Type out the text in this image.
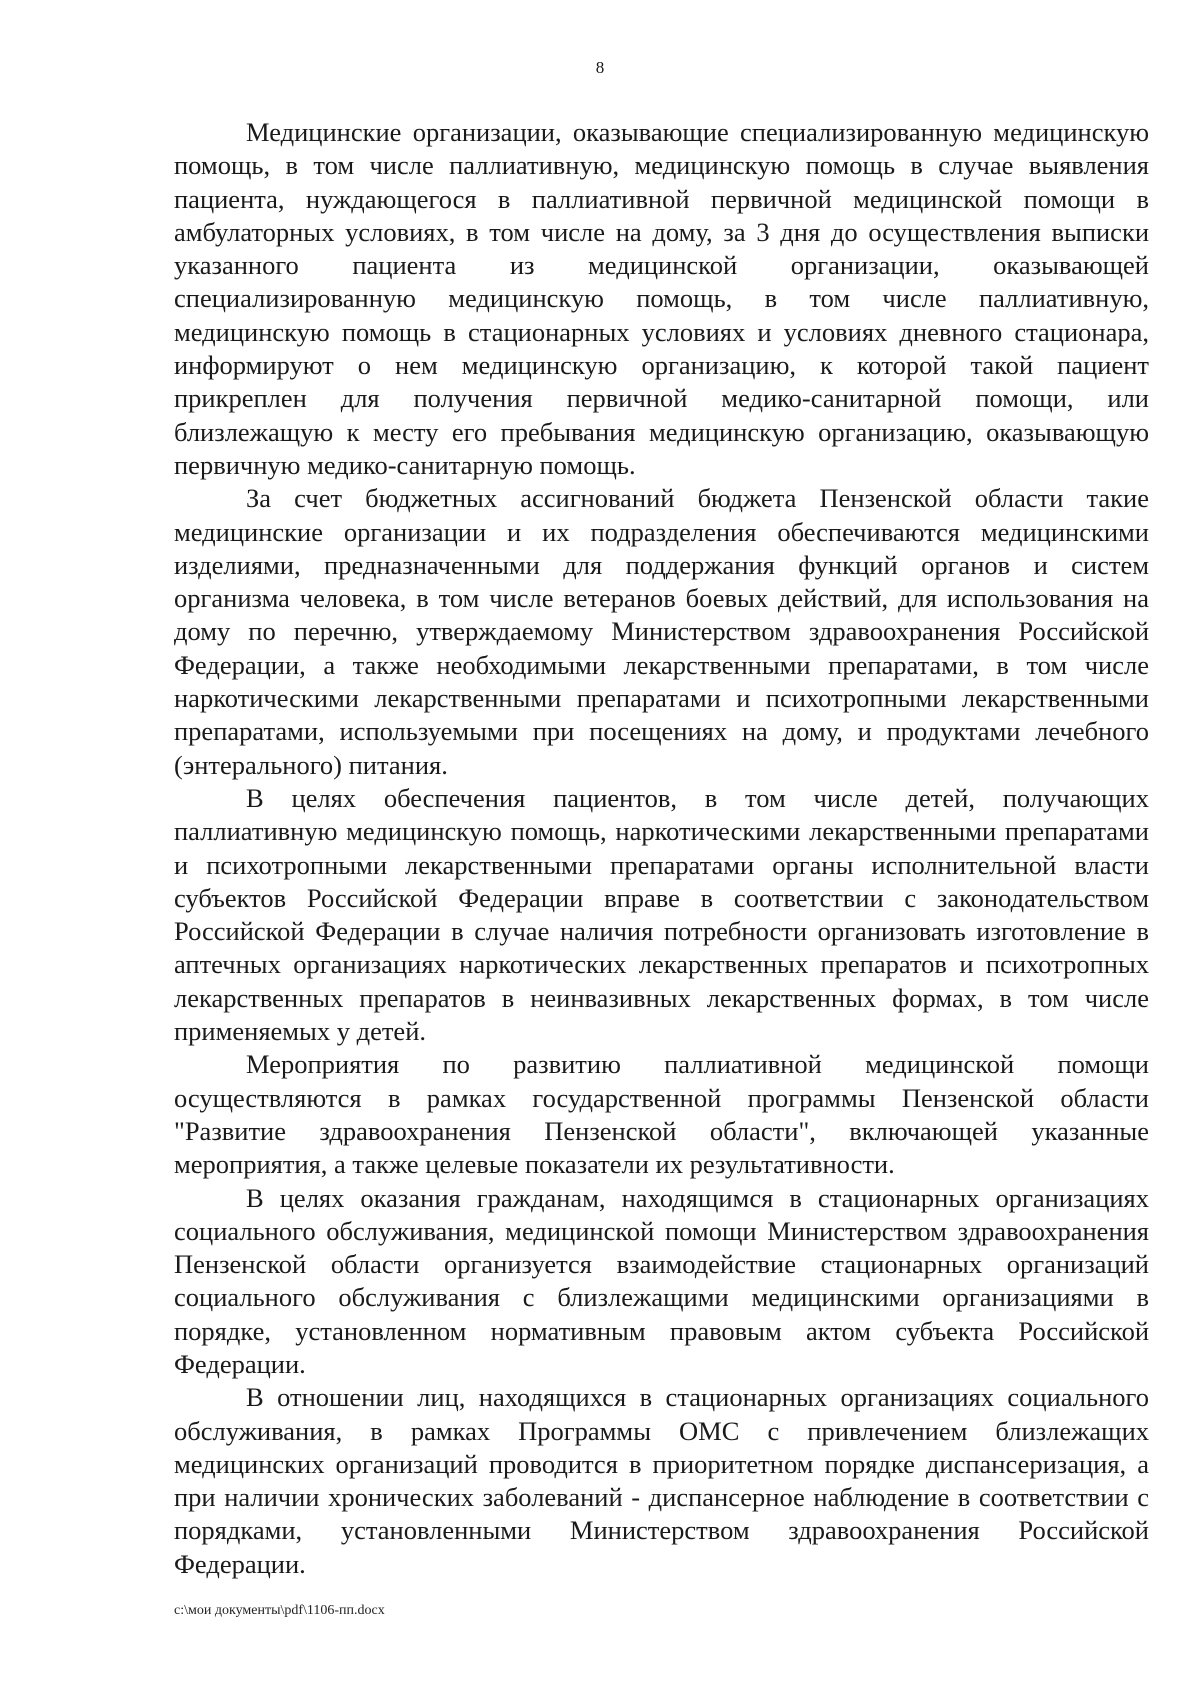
8

Медицинские организации, оказывающие специализированную медицинскую помощь, в том числе паллиативную, медицинскую помощь в случае выявления пациента, нуждающегося в паллиативной первичной медицинской помощи в амбулаторных условиях, в том числе на дому, за 3 дня до осуществления выписки указанного пациента из медицинской организации, оказывающей специализированную медицинскую помощь, в том числе паллиативную, медицинскую помощь в стационарных условиях и условиях дневного стационара, информируют о нем медицинскую организацию, к которой такой пациент прикреплен для получения первичной медико-санитарной помощи, или близлежащую к месту его пребывания медицинскую организацию, оказывающую первичную медико-санитарную помощь.

За счет бюджетных ассигнований бюджета Пензенской области такие медицинские организации и их подразделения обеспечиваются медицинскими изделиями, предназначенными для поддержания функций органов и систем организма человека, в том числе ветеранов боевых действий, для использования на дому по перечню, утверждаемому Министерством здравоохранения Российской Федерации, а также необходимыми лекарственными препаратами, в том числе наркотическими лекарственными препаратами и психотропными лекарственными препаратами, используемыми при посещениях на дому, и продуктами лечебного (энтерального) питания.

В целях обеспечения пациентов, в том числе детей, получающих паллиативную медицинскую помощь, наркотическими лекарственными препаратами и психотропными лекарственными препаратами органы исполнительной власти субъектов Российской Федерации вправе в соответствии с законодательством Российской Федерации в случае наличия потребности организовать изготовление в аптечных организациях наркотических лекарственных препаратов и психотропных лекарственных препаратов в неинвазивных лекарственных формах, в том числе применяемых у детей.

Мероприятия по развитию паллиативной медицинской помощи осуществляются в рамках государственной программы Пензенской области "Развитие здравоохранения Пензенской области", включающей указанные мероприятия, а также целевые показатели их результативности.

В целях оказания гражданам, находящимся в стационарных организациях социального обслуживания, медицинской помощи Министерством здравоохранения Пензенской области организуется взаимодействие стационарных организаций социального обслуживания с близлежащими медицинскими организациями в порядке, установленном нормативным правовым актом субъекта Российской Федерации.

В отношении лиц, находящихся в стационарных организациях социального обслуживания, в рамках Программы ОМС с привлечением близлежащих медицинских организаций проводится в приоритетном порядке диспансеризация, а при наличии хронических заболеваний - диспансерное наблюдение в соответствии с порядками, установленными Министерством здравоохранения Российской Федерации.

c:\мои документы\pdf\1106-пп.docx
